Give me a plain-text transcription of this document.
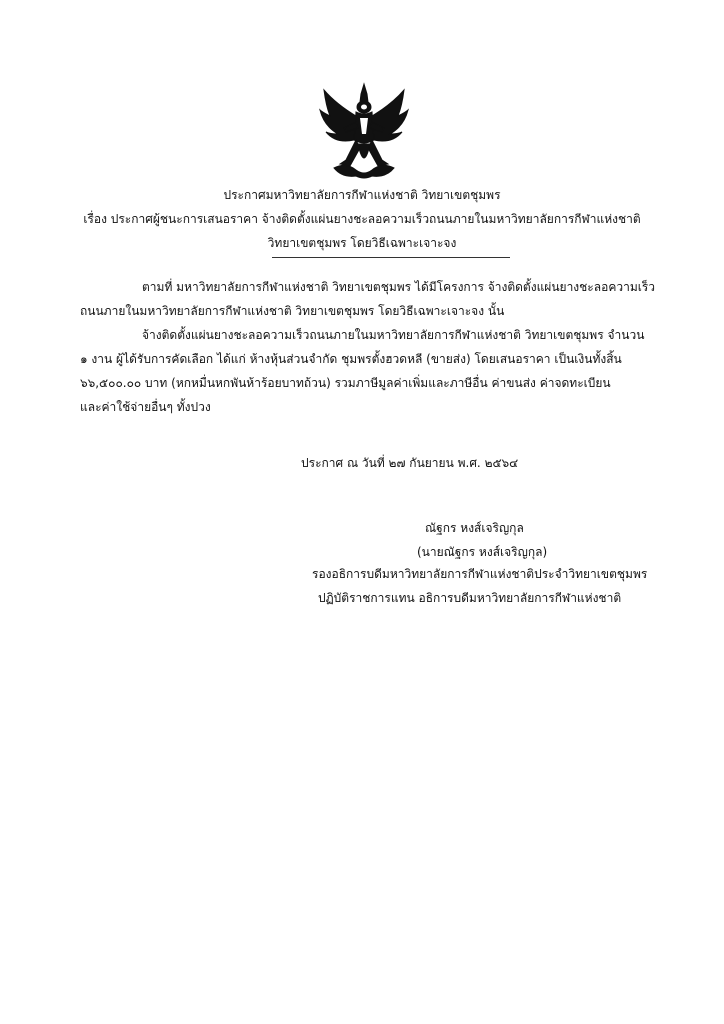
ประกาศมหาวิทยาลัยการกีฬาแห่งชาติ วิทยาเขตชุมพร
เรื่อง ประกาศผู้ชนะการเสนอราคา จ้างติดตั้งแผ่นยางชะลอความเร็วถนนภายในมหาวิทยาลัยการกีฬาแห่งชาติ
วิทยาเขตชุมพร โดยวิธีเฉพาะเจาะจง
ตามที่ มหาวิทยาลัยการกีฬาแห่งชาติ วิทยาเขตชุมพร ได้มีโครงการ จ้างติดตั้งแผ่นยางชะลอความเร็ว
ถนนภายในมหาวิทยาลัยการกีฬาแห่งชาติ วิทยาเขตชุมพร โดยวิธีเฉพาะเจาะจง นั้น
จ้างติดตั้งแผ่นยางชะลอความเร็วถนนภายในมหาวิทยาลัยการกีฬาแห่งชาติ วิทยาเขตชุมพร จำนวน
๑ งาน ผู้ได้รับการคัดเลือก ได้แก่ ห้างหุ้นส่วนจำกัด ชุมพรตั้งฮวดหลี (ขายส่ง) โดยเสนอราคา เป็นเงินทั้งสิ้น
๖๖,๕๐๐.๐๐ บาท (หกหมื่นหกพันห้าร้อยบาทถ้วน) รวมภาษีมูลค่าเพิ่มและภาษีอื่น ค่าขนส่ง ค่าจดทะเบียน
และค่าใช้จ่ายอื่นๆ ทั้งปวง
ประกาศ ณ วันที่ ๒๗ กันยายน พ.ศ. ๒๕๖๔
ณัฐกร หงส์เจริญกุล
(นายณัฐกร หงส์เจริญกุล)
รองอธิการบดีมหาวิทยาลัยการกีฬาแห่งชาติประจำวิทยาเขตชุมพร
ปฏิบัติราชการแทน อธิการบดีมหาวิทยาลัยการกีฬาแห่งชาติ
